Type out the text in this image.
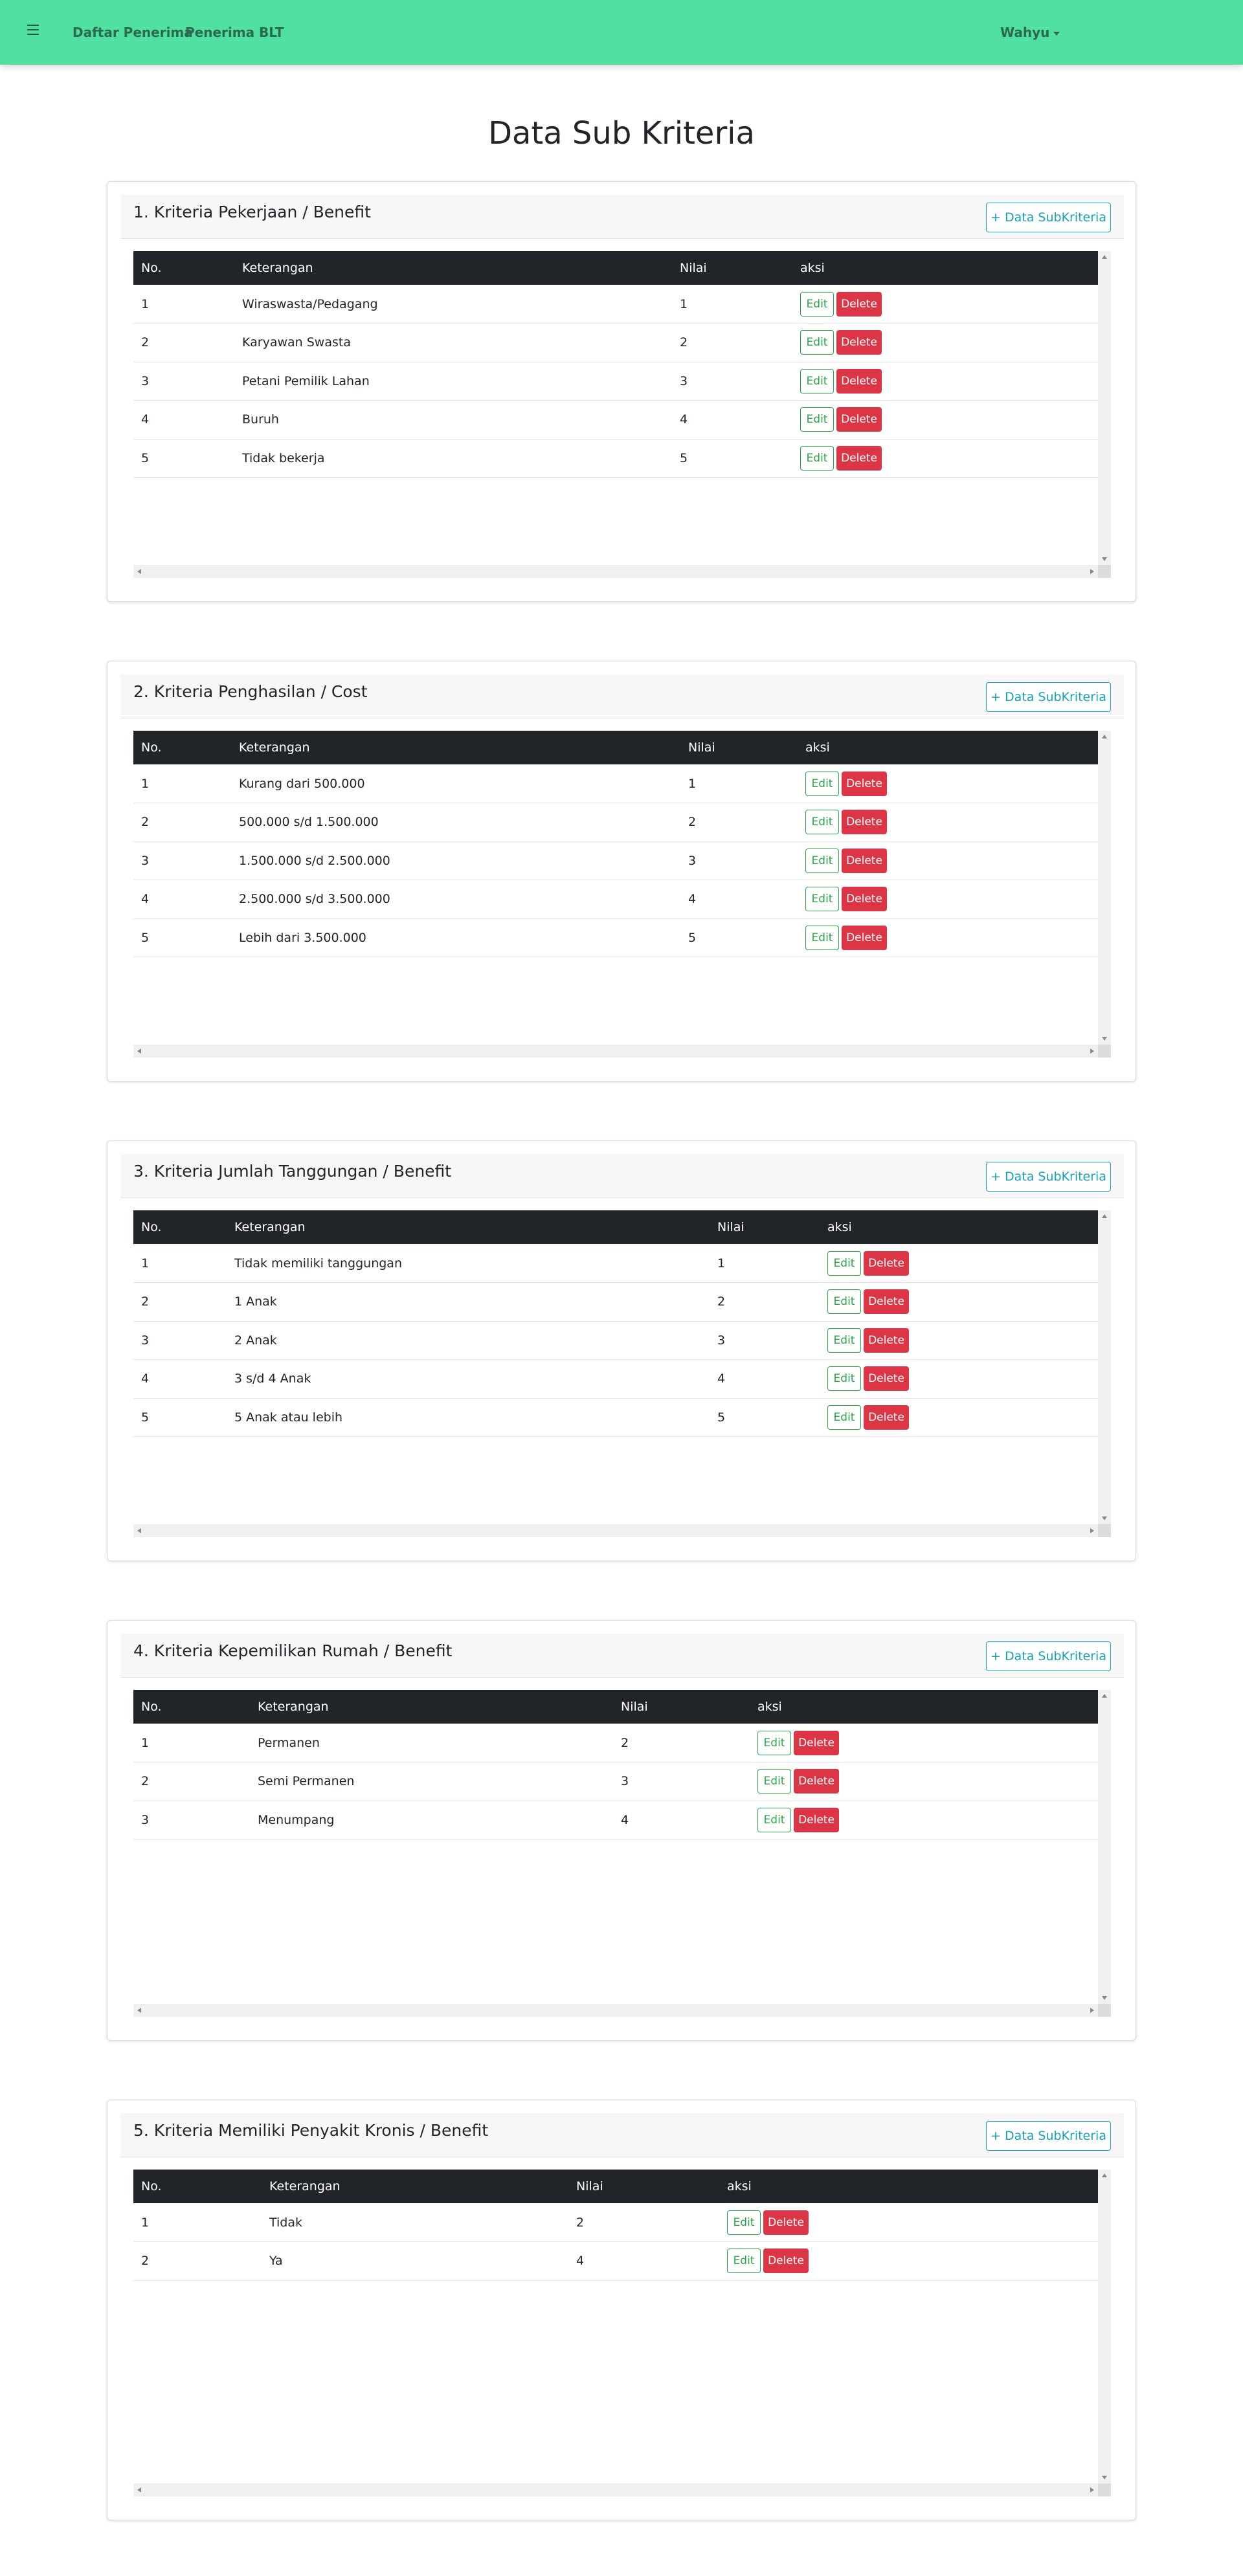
Daftar Penerima
Penerima BLT	Wahyu
Data Sub Kriteria
1. Kriteria Pekerjaan / Benefit	+ Data SubKriteria
No.	Keterangan	Nilai	aksi
1	Wiraswasta/Pedagang	1	Edit Delete
2	Karyawan Swasta	2	Edit Delete
3	Petani Pemilik Lahan	3	Edit Delete
4	Buruh	4	Edit Delete
5	Tidak bekerja	5	Edit Delete
2. Kriteria Penghasilan / Cost	+ Data SubKriteria
No.	Keterangan	Nilai	aksi
1	Kurang dari 500.000	1	Edit Delete
2	500.000 s/d 1.500.000	2	Edit Delete
3	1.500.000 s/d 2.500.000	3	Edit Delete
4	2.500.000 s/d 3.500.000	4	Edit Delete
5	Lebih dari 3.500.000	5	Edit Delete
3. Kriteria Jumlah Tanggungan / Benefit	+ Data SubKriteria
No.	Keterangan	Nilai	aksi
1	Tidak memiliki tanggungan	1	Edit Delete
2	1 Anak	2	Edit Delete
3	2 Anak	3	Edit Delete
4	3 s/d 4 Anak	4	Edit Delete
5	5 Anak atau lebih	5	Edit Delete
4. Kriteria Kepemilikan Rumah / Benefit	+ Data SubKriteria
No.	Keterangan	Nilai	aksi
1	Permanen	2	Edit Delete
2	Semi Permanen	3	Edit Delete
3	Menumpang	4	Edit Delete
5. Kriteria Memiliki Penyakit Kronis / Benefit	+ Data SubKriteria
No.	Keterangan	Nilai	aksi
1	Tidak	2	Edit Delete
2	Ya	4	Edit Delete
